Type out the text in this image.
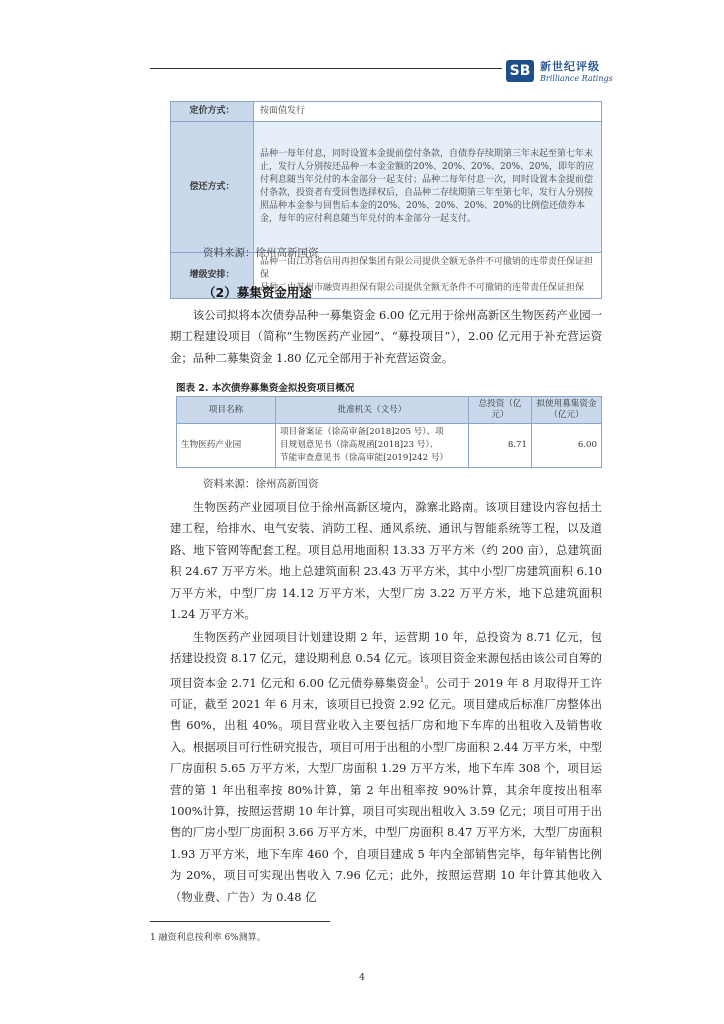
SB 新世纪评级
Brilliance Ratings
定价方式：	按面值发行
偿还方式：	品种一每年付息，同时设置本金提前偿付条款，自债券存续期第三年末起至第七年末止，发行人分别按还品种一本金金额的20%、20%、20%、20%、20%，即年的应付利息随当年兑付的本金部分一起支付；品种二每年付息一次，同时设置本金提前偿付条款，投资者有受回售选择权后，自品种二存续期第三年至第七年，发行人分别按照品种本金参与回售后本金的20%、20%、20%、20%、20%的比例偿还债券本金，每年的应付利息随当年兑付的本金部分一起支付。
增级安排：	品种一由江苏省信用再担保集团有限公司提供全额无条件不可撤销的连带责任保证担保
品种二由苏州市融资再担保有限公司提供全额无条件不可撤销的连带责任保证担保
资料来源：徐州高新国资
（2）募集资金用途

该公司拟将本次债券品种一募集资金 6.00 亿元用于徐州高新区生物医药产业园一期工程建设项目（简称“生物医药产业园”、“募投项目”），2.00 亿元用于补充营运资金；品种二募集资金 1.80 亿元全部用于补充营运资金。

图表 2. 本次债券募集资金拟投资项目概况
项目名称	批准机关（文号）	总投资（亿元）	拟使用募集资金（亿元）
生物医药产业园	项目备案证（徐高审备[2018]205 号）、项
目规划意见书（徐高规函[2018]23 号）、
节能审查意见书（徐高审能[2019]242 号）	8.71	6.00
资料来源：徐州高新国资

生物医药产业园项目位于徐州高新区境内，滁寨北路南。该项目建设内容包括土建工程，给排水、电气安装、消防工程、通风系统、通讯与智能系统等工程，以及道路、地下管网等配套工程。项目总用地面积 13.33 万平方米（约 200 亩），总建筑面积 24.67 万平方米。地上总建筑面积 23.43 万平方米，其中小型厂房建筑面积 6.10 万平方米，中型厂房 14.12 万平方米，大型厂房 3.22 万平方米，地下总建筑面积 1.24 万平方米。

生物医药产业园项目计划建设期 2 年，运营期 10 年，总投资为 8.71 亿元，包括建设投资 8.17 亿元，建设期利息 0.54 亿元。该项目资金来源包括由该公司自筹的项目资本金 2.71 亿元和 6.00 亿元债券募集资金$^1$。公司于 2019 年 8 月取得开工许可证，截至 2021 年 6 月末，该项目已投资 2.92 亿元。项目建成后标准厂房整体出售 60%，出租 40%。项目营业收入主要包括厂房和地下车库的出租收入及销售收入。根据项目可行性研究报告，项目可用于出租的小型厂房面积 2.44 万平方米，中型厂房面积 5.65 万平方米，大型厂房面积 1.29 万平方米，地下车库 308 个，项目运营的第 1 年出租率按 80%计算，第 2 年出租率按 90%计算，其余年度按出租率 100%计算，按照运营期 10 年计算，项目可实现出租收入 3.59 亿元；项目可用于出售的厂房小型厂房面积 3.66 万平方米，中型厂房面积 8.47 万平方米，大型厂房面积 1.93 万平方米，地下车库 460 个，自项目建成 5 年内全部销售完毕，每年销售比例为 20%，项目可实现出售收入 7.96 亿元；此外，按照运营期 10 年计算其他收入（物业费、广告）为 0.48 亿

1 融资利息按利率 6%测算。
4
